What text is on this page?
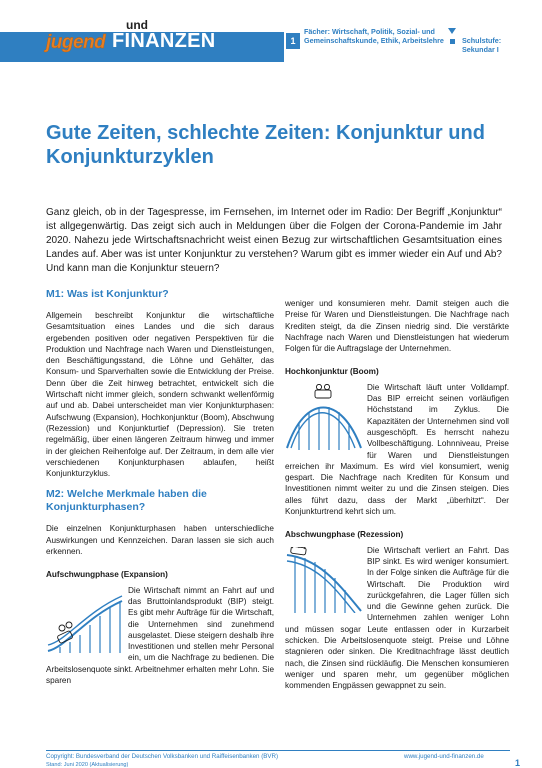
und
jugend FINANZEN	1
Fächer: Wirtschaft, Politik, Sozial- und Gemeinschaftskunde, Ethik, Arbeitslehre	Schulstufe: Sekundar I
Gute Zeiten, schlechte Zeiten: Konjunktur und Konjunkturzyklen

Ganz gleich, ob in der Tagespresse, im Fernsehen, im Internet oder im Radio: Der Begriff „Konjunktur“ ist allgegenwärtig. Das zeigt sich auch in Meldungen über die Folgen der Corona-Pandemie im Jahr 2020. Nahezu jede Wirtschaftsnachricht weist einen Bezug zur wirtschaftlichen Gesamtsituation eines Landes auf. Aber was ist unter Konjunktur zu verstehen? Warum gibt es immer wieder ein Auf und Ab? Und kann man die Konjunktur steuern?

M1: Was ist Konjunktur?

Allgemein beschreibt Konjunktur die wirtschaftliche Gesamtsituation eines Landes und die sich daraus ergebenden positiven oder negativen Perspektiven für die Produktion und Nachfrage nach Waren und Dienstleistungen, den Beschäftigungsstand, die Löhne und Gehälter, das Konsum- und Sparverhalten sowie die Entwicklung der Preise. Denn über die Zeit hinweg betrachtet, entwickelt sich die Wirtschaft nicht immer gleich, sondern schwankt wellenförmig auf und ab. Dabei unterscheidet man vier Konjunkturphasen: Aufschwung (Expansion), Hochkonjunktur (Boom), Abschwung (Rezession) und Konjunkturtief (Depression). Sie treten regelmäßig, über einen längeren Zeitraum hinweg und immer in der gleichen Reihenfolge auf. Der Zeitraum, in dem alle vier verschiedenen Konjunkturphasen ablaufen, heißt Konjunkturzyklus.

M2: Welche Merkmale haben die Konjunkturphasen?

Die einzelnen Konjunkturphasen haben unterschiedliche Auswirkungen und Kennzeichen. Daran lassen sie sich auch erkennen.

Aufschwungphase (Expansion)

Die Wirtschaft nimmt an Fahrt auf und das Bruttoinlandsprodukt (BIP) steigt. Es gibt mehr Aufträge für die Wirtschaft, die Unternehmen sind zunehmend ausgelastet. Diese steigern deshalb ihre Investitionen und stellen mehr Personal ein, um die Nachfrage zu bedienen. Die Arbeitslosenquote sinkt. Arbeitnehmer erhalten mehr Lohn. Sie sparen

weniger und konsumieren mehr. Damit steigen auch die Preise für Waren und Dienstleistungen. Die Nachfrage nach Krediten steigt, da die Zinsen niedrig sind. Die verstärkte Nachfrage nach Waren und Dienstleistungen hat wiederum Folgen für die Auftragslage der Unternehmen.

Hochkonjunktur (Boom)

Die Wirtschaft läuft unter Volldampf. Das BIP erreicht seinen vorläufigen Höchststand im Zyklus. Die Kapazitäten der Unternehmen sind voll ausgeschöpft. Es herrscht nahezu Vollbeschäftigung. Lohnniveau, Preise für Waren und Dienstleistungen erreichen ihr Maximum. Es wird viel konsumiert, wenig gespart. Die Nachfrage nach Krediten für Konsum und Investitionen nimmt weiter zu und die Zinsen steigen. Dies alles führt dazu, dass der Markt „überhitzt“. Der Konjunkturtrend kehrt sich um.

Abschwungphase (Rezession)

Die Wirtschaft verliert an Fahrt. Das BIP sinkt. Es wird weniger konsumiert. In der Folge sinken die Aufträge für die Wirtschaft. Die Produktion wird zurückgefahren, die Lager füllen sich und die Gewinne gehen zurück. Die Unternehmen zahlen weniger Lohn und müssen sogar Leute entlassen oder in Kurzarbeit schicken. Die Arbeitslosenquote steigt. Preise und Löhne stagnieren oder sinken. Die Kreditnachfrage lässt deutlich nach, die Zinsen sind rückläufig. Die Menschen konsumieren weniger und sparen mehr, um gegenüber möglichen kommenden Engpässen gewappnet zu sein.

Copyright: Bundesverband der Deutschen Volksbanken und Raiffeisenbanken (BVR)
Stand: Juni 2020 (Aktualisierung)
www.jugend-und-finanzen.de
1
